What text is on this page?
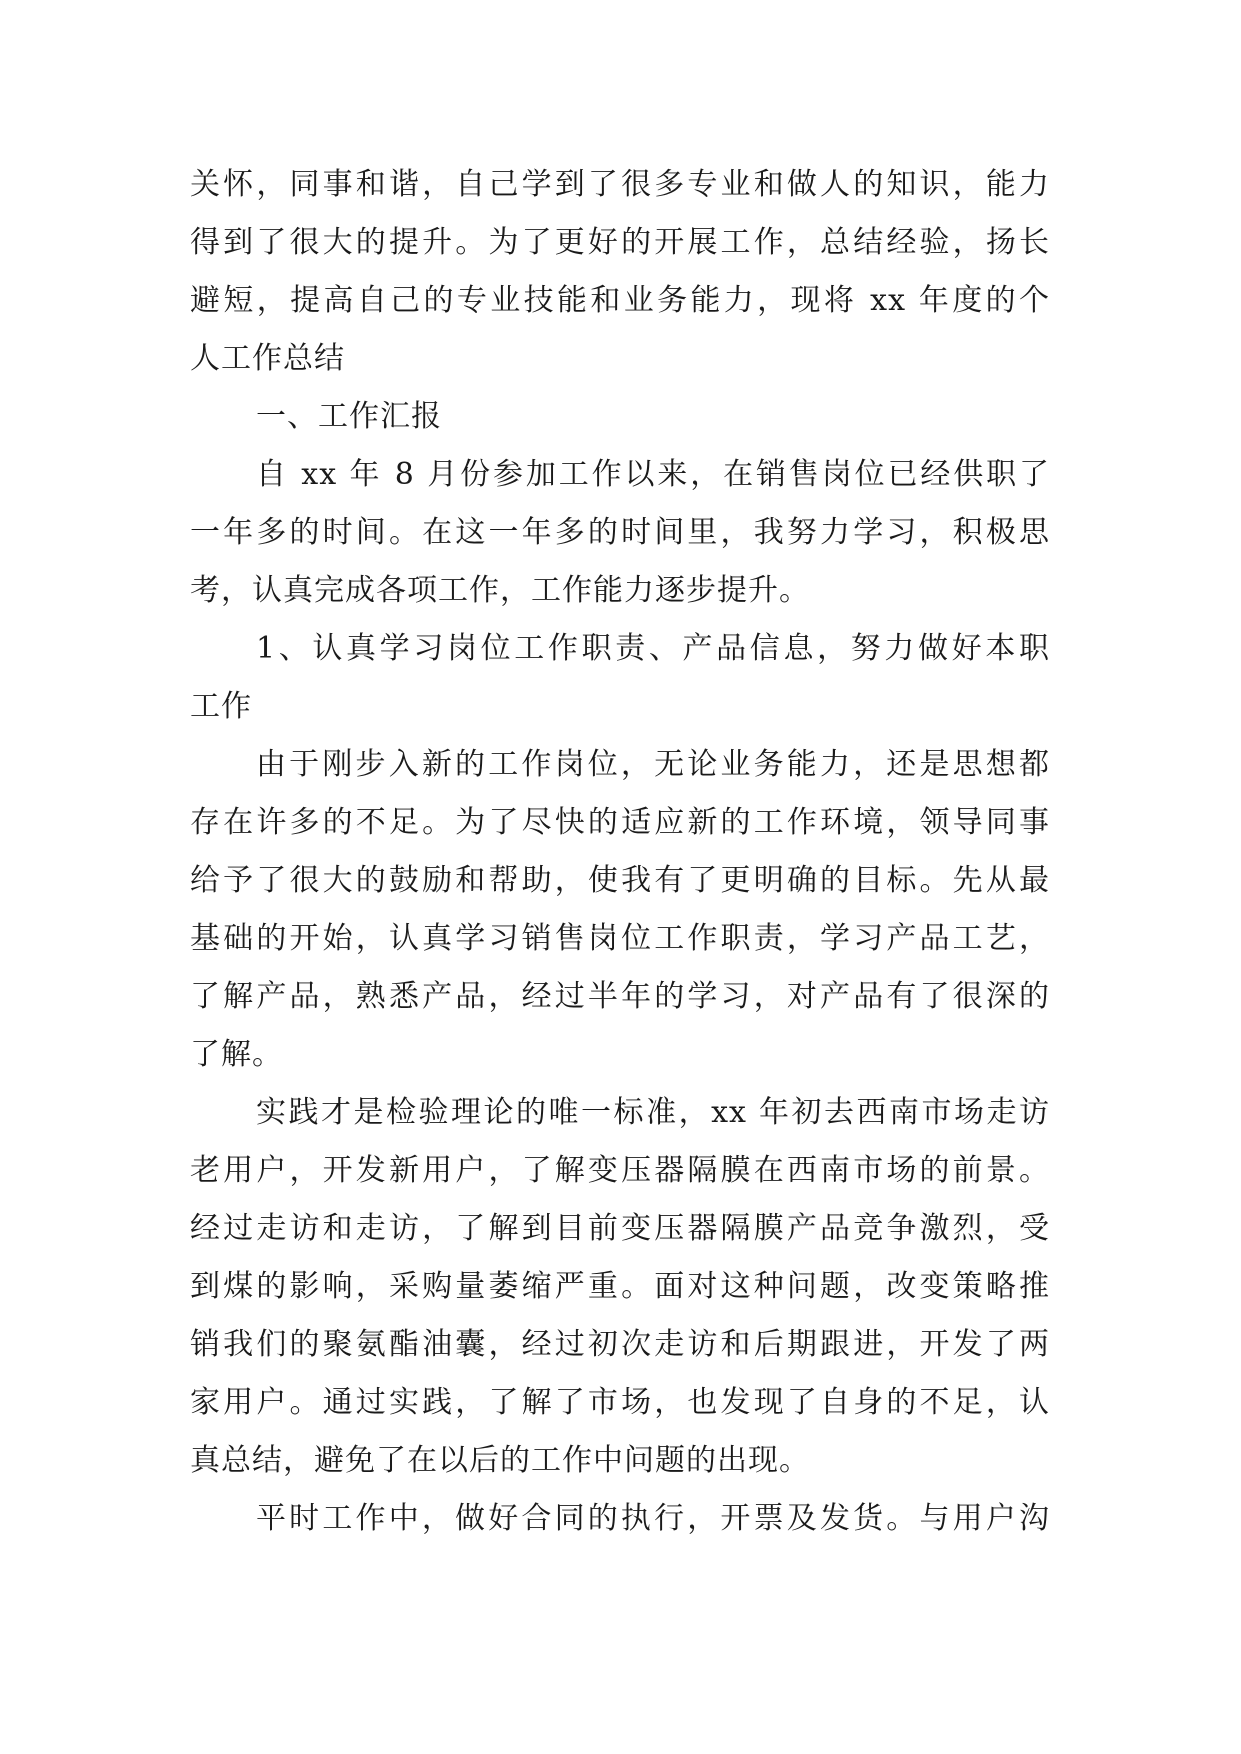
关怀，同事和谐，自己学到了很多专业和做人的知识，能力
得到了很大的提升。为了更好的开展工作，总结经验，扬长
避短，提高自己的专业技能和业务能力，现将 xx 年度的个
人工作总结
一、工作汇报
自 xx 年 8 月份参加工作以来，在销售岗位已经供职了
一年多的时间。在这一年多的时间里，我努力学习，积极思
考，认真完成各项工作，工作能力逐步提升。
1、认真学习岗位工作职责、产品信息，努力做好本职
工作
由于刚步入新的工作岗位，无论业务能力，还是思想都
存在许多的不足。为了尽快的适应新的工作环境，领导同事
给予了很大的鼓励和帮助，使我有了更明确的目标。先从最
基础的开始，认真学习销售岗位工作职责，学习产品工艺，
了解产品，熟悉产品，经过半年的学习，对产品有了很深的
了解。
实践才是检验理论的唯一标准，xx 年初去西南市场走访
老用户，开发新用户，了解变压器隔膜在西南市场的前景。
经过走访和走访，了解到目前变压器隔膜产品竞争激烈，受
到煤的影响，采购量萎缩严重。面对这种问题，改变策略推
销我们的聚氨酯油囊，经过初次走访和后期跟进，开发了两
家用户。通过实践，了解了市场，也发现了自身的不足，认
真总结，避免了在以后的工作中问题的出现。
平时工作中，做好合同的执行，开票及发货。与用户沟
